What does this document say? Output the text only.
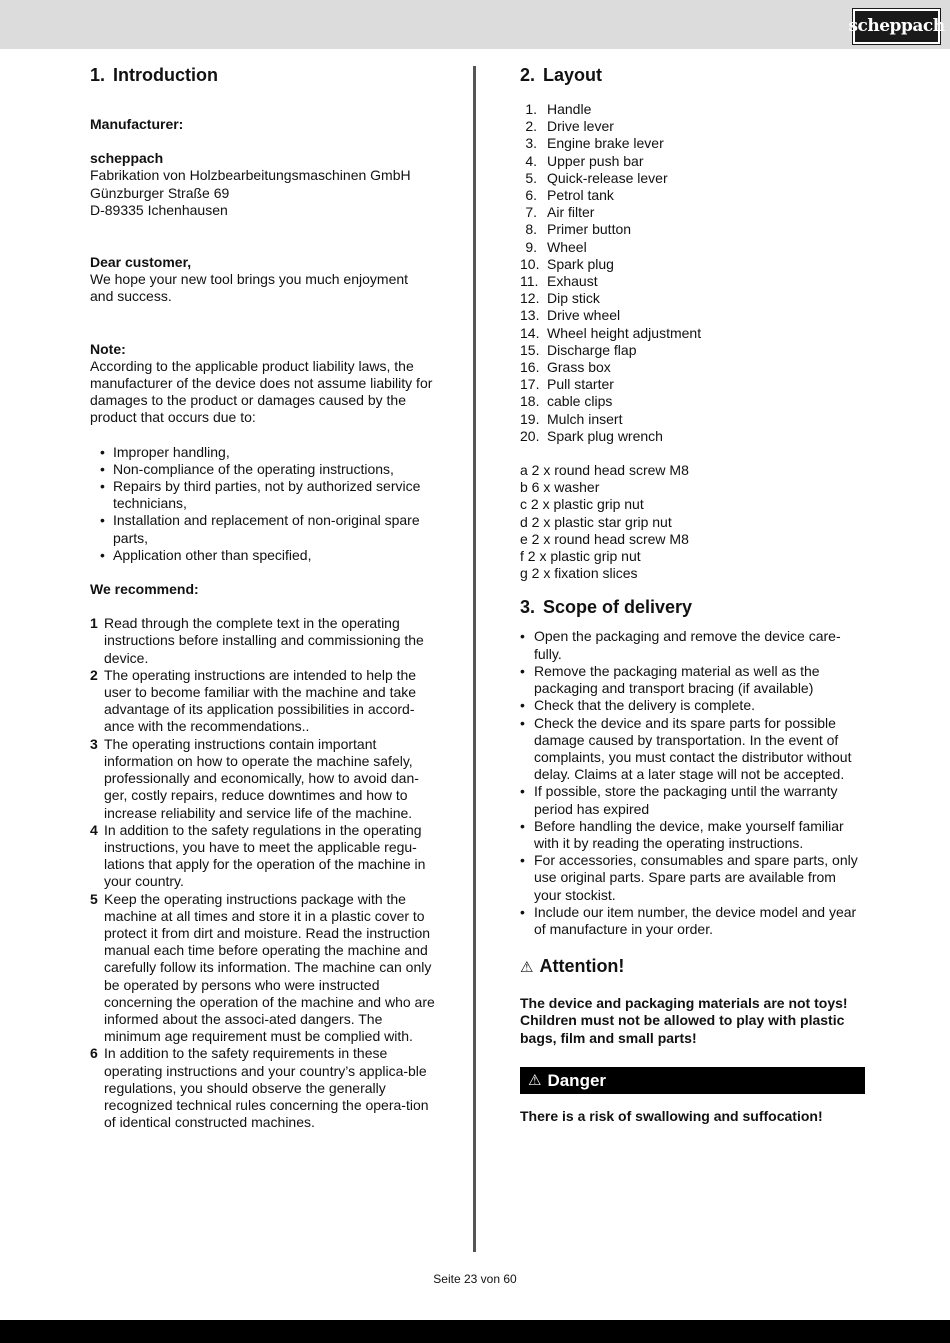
scheppach
1. Introduction

Manufacturer:

scheppach

Fabrikation von Holzbearbeitungsmaschinen GmbH

Günzburger Straße 69

D-89335 Ichenhausen

Dear customer,

We hope your new tool brings you much enjoyment and success.

Note:

According to the applicable product liability laws, the manufacturer of the device does not assume liability for damages to the product or damages caused by the product that occurs due to:

• Improper handling,
• Non-compliance of the operating instructions,
• Repairs by third parties, not by authorized service technicians,
• Installation and replacement of non-original spare parts,
• Application other than specified,

We recommend:

1 Read through the complete text in the operating instructions before installing and commissioning the device.
2 The operating instructions are intended to help the user to become familiar with the machine and take advantage of its application possibilities in accord-ance with the recommendations..
3 The operating instructions contain important information on how to operate the machine safely, professionally and economically, how to avoid dan-ger, costly repairs, reduce downtimes and how to increase reliability and service life of the machine.
4 In addition to the safety regulations in the operating instructions, you have to meet the applicable regu-lations that apply for the operation of the machine in your country.
5 Keep the operating instructions package with the machine at all times and store it in a plastic cover to protect it from dirt and moisture. Read the instruction manual each time before operating the machine and carefully follow its information. The machine can only be operated by persons who were instructed concerning the operation of the machine and who are informed about the associ-ated dangers. The minimum age requirement must be complied with.
6 In addition to the safety requirements in these operating instructions and your country’s applica-ble regulations, you should observe the generally recognized technical rules concerning the opera-tion of identical constructed machines.
2. Layout
1. Handle
2. Drive lever
3. Engine brake lever
4. Upper push bar
5. Quick-release lever
6. Petrol tank
7. Air filter
8. Primer button
9. Wheel
10. Spark plug
11. Exhaust
12. Dip stick
13. Drive wheel
14. Wheel height adjustment
15. Discharge flap
16. Grass box
17. Pull starter
18. cable clips
19. Mulch insert
20. Spark plug wrench

a 2 x round head screw M8

b 6 x washer

c 2 x plastic grip nut

d 2 x plastic star grip nut

e 2 x round head screw M8

f 2 x plastic grip nut

g 2 x fixation slices

3. Scope of delivery
• Open the packaging and remove the device care-fully.
• Remove the packaging material as well as the packaging and transport bracing (if available)
• Check that the delivery is complete.
• Check the device and its spare parts for possible damage caused by transportation. In the event of complaints, you must contact the distributor without delay. Claims at a later stage will not be accepted.
• If possible, store the packaging until the warranty period has expired
• Before handling the device, make yourself familiar with it by reading the operating instructions.
• For accessories, consumables and spare parts, only use original parts. Spare parts are available from your stockist.
• Include our item number, the device model and year of manufacture in your order.
⚠ Attention!

The device and packaging materials are not toys! Children must not be allowed to play with plastic bags, film and small parts!

⚠ Danger

There is a risk of swallowing and suffocation!

Seite 23 von 60
